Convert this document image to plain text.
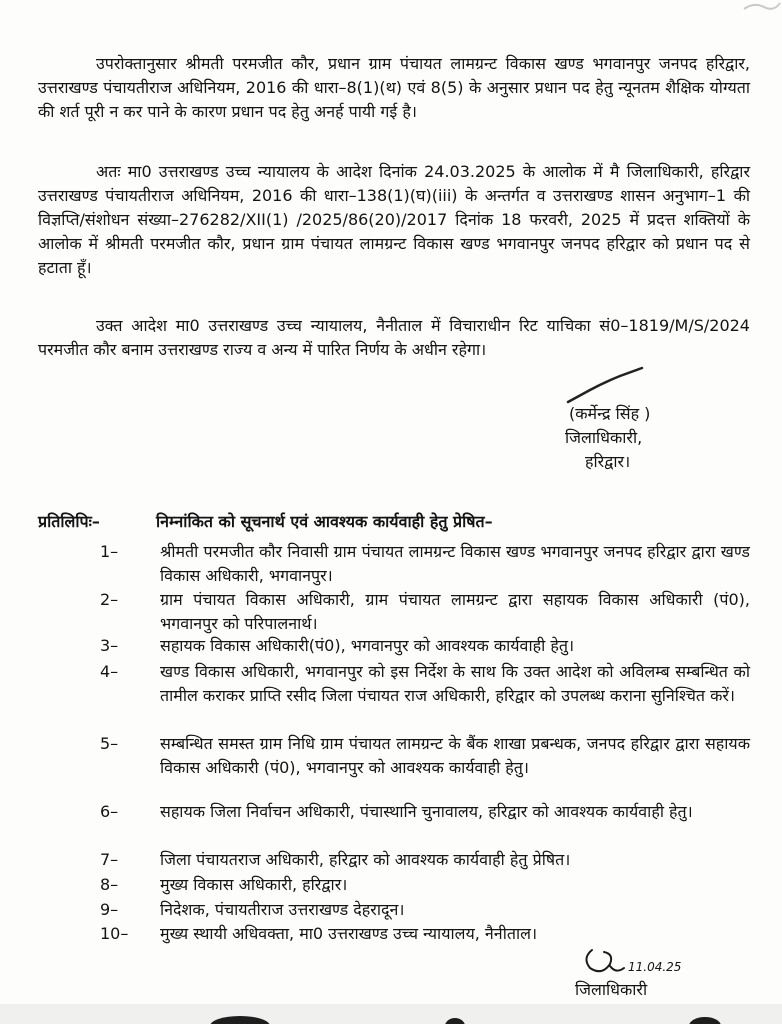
उपरोक्तानुसार श्रीमती परमजीत कौर, प्रधान ग्राम पंचायत लामग्रन्ट विकास खण्ड भगवानपुर जनपद हरिद्वार, उत्तराखण्ड पंचायतीराज अधिनियम, 2016 की धारा–8(1)(थ) एवं 8(5) के अनुसार प्रधान पद हेतु न्यूनतम शैक्षिक योग्यता की शर्त पूरी न कर पाने के कारण प्रधान पद हेतु अनर्ह पायी गई है।

अतः मा0 उत्तराखण्ड उच्च न्यायालय के आदेश दिनांक 24.03.2025 के आलोक में मै जिलाधिकारी, हरिद्वार उत्तराखण्ड पंचायतीराज अधिनियम, 2016 की धारा–138(1)(घ)(iii) के अन्तर्गत व उत्तराखण्ड शासन अनुभाग–1 की विज्ञप्ति/संशोधन संख्या–276282/XII(1) /2025/86(20)/2017 दिनांक 18 फरवरी, 2025 में प्रदत्त शक्तियों के आलोक में श्रीमती परमजीत कौर, प्रधान ग्राम पंचायत लामग्रन्ट विकास खण्ड भगवानपुर जनपद हरिद्वार को प्रधान पद से हटाता हूँ।

उक्त आदेश मा0 उत्तराखण्ड उच्च न्यायालय, नैनीताल में विचाराधीन रिट याचिका सं0–1819/M/S/2024 परमजीत कौर बनाम उत्तराखण्ड राज्य व अन्य में पारित निर्णय के अधीन रहेगा।

(कर्मेन्द्र सिंह )
जिलाधिकारी,
हरिद्वार।
प्रतिलिपिः–	निम्नांकित को सूचनार्थ एवं आवश्यक कार्यवाही हेतु प्रेषित–
1–	श्रीमती परमजीत कौर निवासी ग्राम पंचायत लामग्रन्ट विकास खण्ड भगवानपुर जनपद हरिद्वार द्वारा खण्ड विकास अधिकारी, भगवानपुर।
2–	ग्राम पंचायत विकास अधिकारी, ग्राम पंचायत लामग्रन्ट द्वारा सहायक विकास अधिकारी (पं0), भगवानपुर को परिपालनार्थ।
3–	सहायक विकास अधिकारी(पं0), भगवानपुर को आवश्यक कार्यवाही हेतु।
4–	खण्ड विकास अधिकारी, भगवानपुर को इस निर्देश के साथ कि उक्त आदेश को अविलम्ब सम्बन्धित को तामील कराकर प्राप्ति रसीद जिला पंचायत राज अधिकारी, हरिद्वार को उपलब्ध कराना सुनिश्चित करें।
5–	सम्बन्धित समस्त ग्राम निधि ग्राम पंचायत लामग्रन्ट के बैंक शाखा प्रबन्धक, जनपद हरिद्वार द्वारा सहायक विकास अधिकारी (पं0), भगवानपुर को आवश्यक कार्यवाही हेतु।
6–	सहायक जिला निर्वाचन अधिकारी, पंचास्थानि चुनावालय, हरिद्वार को आवश्यक कार्यवाही हेतु।
7–	जिला पंचायतराज अधिकारी, हरिद्वार को आवश्यक कार्यवाही हेतु प्रेषित।
8–	मुख्य विकास अधिकारी, हरिद्वार।
9–	निदेशक, पंचायतीराज उत्तराखण्ड देहरादून।
10–	मुख्य स्थायी अधिवक्ता, मा0 उत्तराखण्ड उच्च न्यायालय, नैनीताल।
11.04.25
जिलाधिकारी
